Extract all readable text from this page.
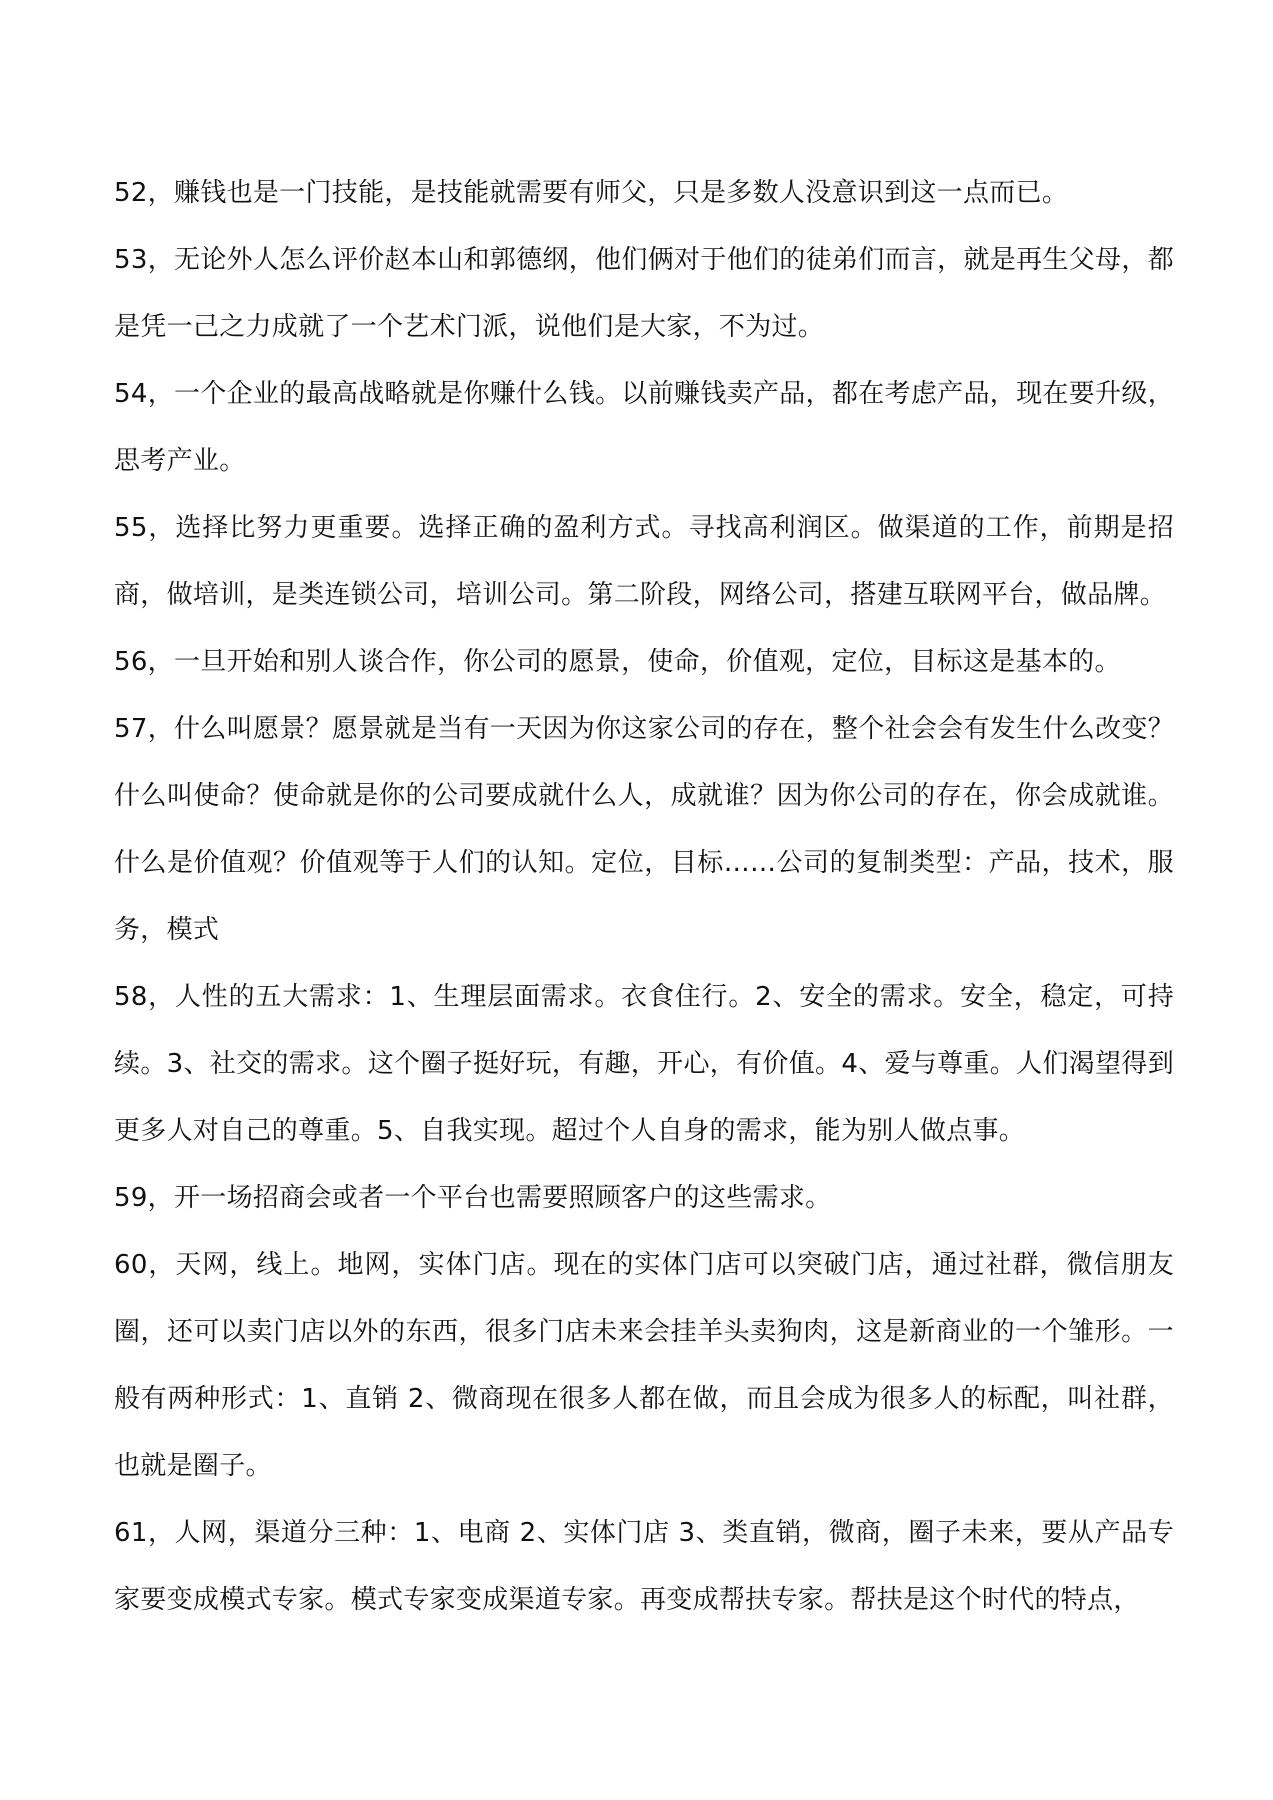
52，赚钱也是一门技能，是技能就需要有师父，只是多数人没意识到这一点而已。

53，无论外人怎么评价赵本山和郭德纲，他们俩对于他们的徒弟们而言，就是再生父母，都是凭一己之力成就了一个艺术门派，说他们是大家，不为过。

54，一个企业的最高战略就是你赚什么钱。以前赚钱卖产品，都在考虑产品，现在要升级，思考产业。

55，选择比努力更重要。选择正确的盈利方式。寻找高利润区。做渠道的工作，前期是招商，做培训，是类连锁公司，培训公司。第二阶段，网络公司，搭建互联网平台，做品牌。

56，一旦开始和别人谈合作，你公司的愿景，使命，价值观，定位，目标这是基本的。

57，什么叫愿景？愿景就是当有一天因为你这家公司的存在，整个社会会有发生什么改变？什么叫使命？使命就是你的公司要成就什么人，成就谁？因为你公司的存在，你会成就谁。什么是价值观？价值观等于人们的认知。定位，目标……公司的复制类型：产品，技术，服务，模式

58，人性的五大需求：1、生理层面需求。衣食住行。2、安全的需求。安全，稳定，可持续。3、社交的需求。这个圈子挺好玩，有趣，开心，有价值。4、爱与尊重。人们渴望得到更多人对自己的尊重。5、自我实现。超过个人自身的需求，能为别人做点事。

59，开一场招商会或者一个平台也需要照顾客户的这些需求。

60，天网，线上。地网，实体门店。现在的实体门店可以突破门店，通过社群，微信朋友圈，还可以卖门店以外的东西，很多门店未来会挂羊头卖狗肉，这是新商业的一个雏形。一般有两种形式：1、直销 2、微商现在很多人都在做，而且会成为很多人的标配，叫社群，也就是圈子。

61，人网，渠道分三种：1、电商 2、实体门店 3、类直销，微商，圈子未来，要从产品专家要变成模式专家。模式专家变成渠道专家。再变成帮扶专家。帮扶是这个时代的特点，
